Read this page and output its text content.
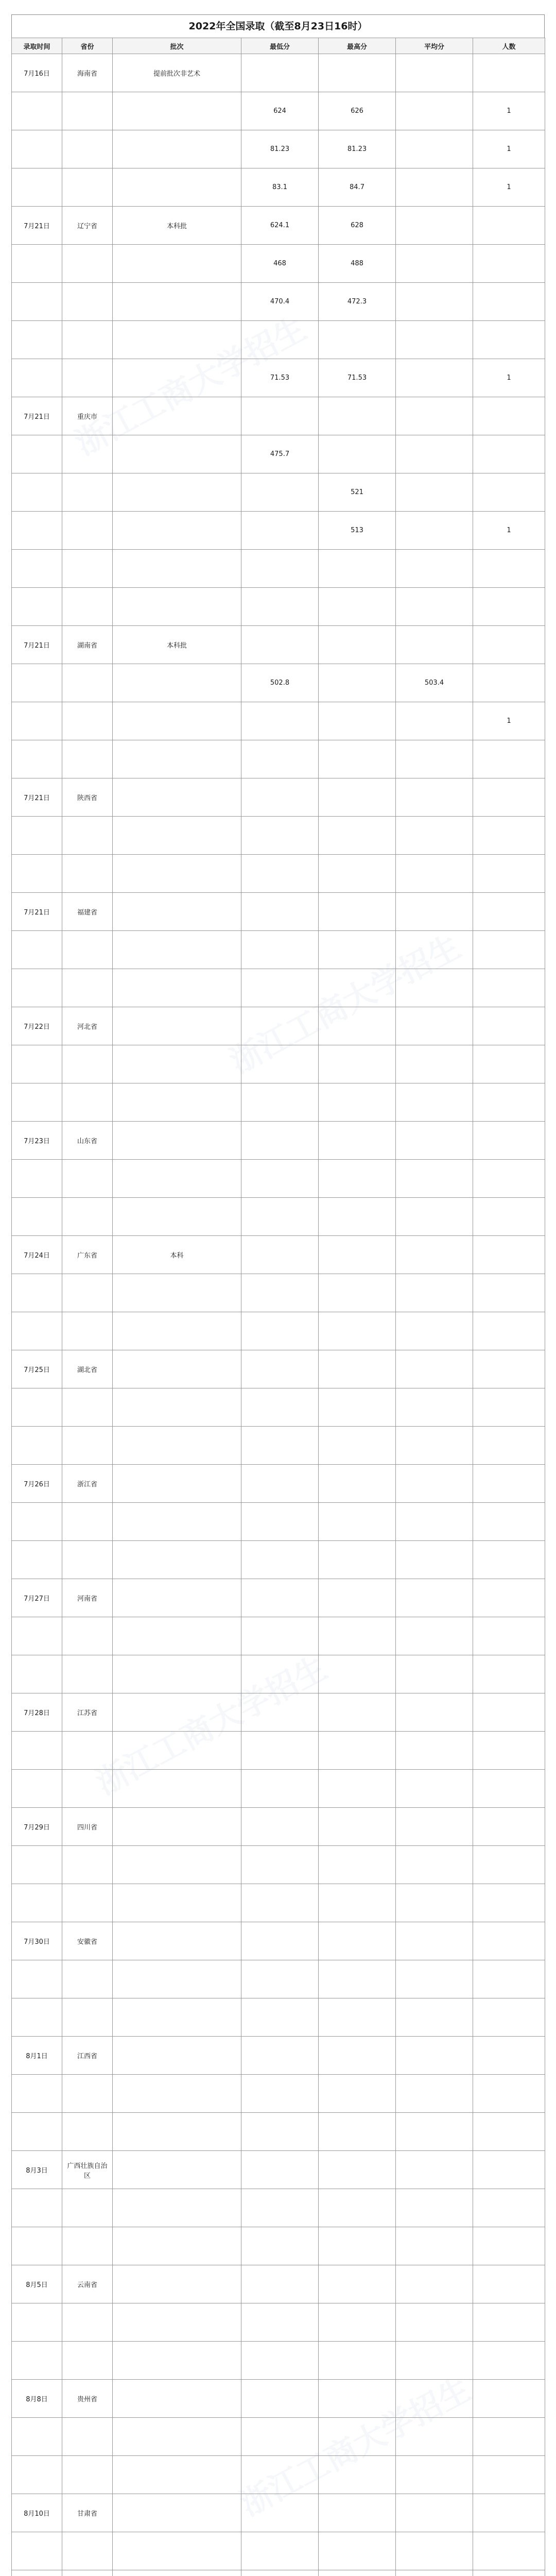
2022年全国录取（截至8月23日16时）
录取时间	省份	批次	最低分	最高分	平均分	人数
7月16日	海南省	提前批次非艺术				
			624	626		1
			81.23	81.23		1
			83.1	84.7		1
7月21日	辽宁省	本科批	624.1	628		
			468	488		
			470.4	472.3		

			71.53	71.53		1
7月21日	重庆市					
			475.7			
				521		
				513		1

7月21日	湖南省	本科批				
			502.8		503.4	
						1

7月21日	陕西省					

7月21日	福建省					

7月22日	河北省					

7月23日	山东省					

7月24日	广东省	本科				

7月25日	湖北省					

7月26日	浙江省					

7月27日	河南省					

7月28日	江苏省					

7月29日	四川省					

7月30日	安徽省					

8月1日	江西省					

8月3日	广西壮族自治区					

8月5日	云南省					

8月8日	贵州省					

8月10日	甘肃省					
